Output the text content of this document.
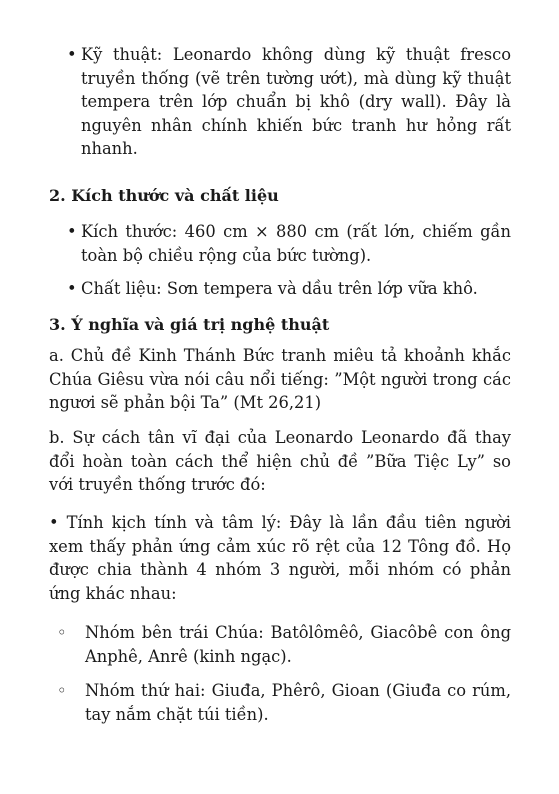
• Kỹ thuật: Leonardo không dùng kỹ thuật fresco truyền thống (vẽ trên tường ướt), mà dùng kỹ thuật tempera trên lớp chuẩn bị khô (dry wall). Đây là nguyên nhân chính khiến bức tranh hư hỏng rất nhanh.

2. Kích thước và chất liệu

• Kích thước: 460 cm × 880 cm (rất lớn, chiếm gần toàn bộ chiều rộng của bức tường).

• Chất liệu: Sơn tempera và dầu trên lớp vữa khô.

3. Ý nghĩa và giá trị nghệ thuật

a. Chủ đề Kinh Thánh Bức tranh miêu tả khoảnh khắc Chúa Giêsu vừa nói câu nổi tiếng: ”Một người trong các ngươi sẽ phản bội Ta” (Mt 26,21)

b. Sự cách tân vĩ đại của Leonardo Leonardo đã thay đổi hoàn toàn cách thể hiện chủ đề ”Bữa Tiệc Ly” so với truyền thống trước đó:

• Tính kịch tính và tâm lý: Đây là lần đầu tiên người xem thấy phản ứng cảm xúc rõ rệt của 12 Tông đồ. Họ được chia thành 4 nhóm 3 người, mỗi nhóm có phản ứng khác nhau:

◦ Nhóm bên trái Chúa: Batôlômêô, Giacôbê con ông Anphê, Anrê (kinh ngạc).

◦ Nhóm thứ hai: Giuđa, Phêrô, Gioan (Giuđa co rúm, tay nắm chặt túi tiền).
